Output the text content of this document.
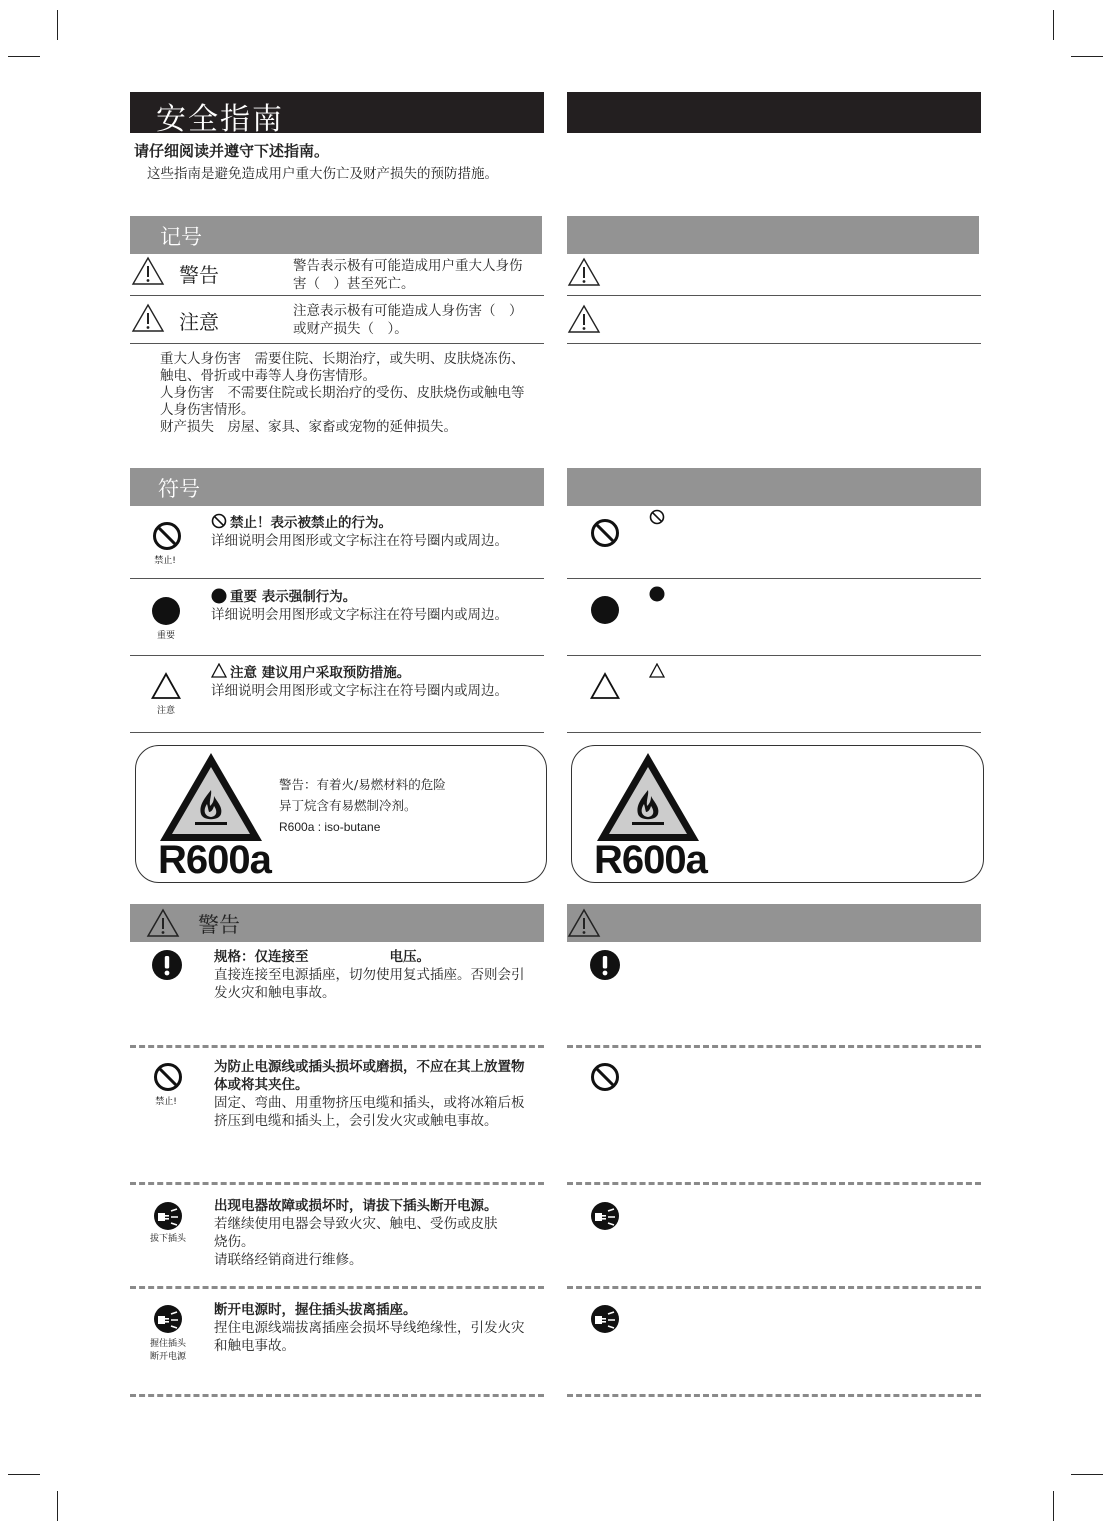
安全指南
请仔细阅读并遵守下述指南。
这些指南是避免造成用户重大伤亡及财产损失的预防措施。
记号
警告	警告表示极有可能造成用户重大人身伤
害（　）甚至死亡。
注意	注意表示极有可能造成人身伤害（　）
或财产损失（　）。
重大人身伤害　需要住院、长期治疗，或失明、皮肤烧冻伤、
触电、骨折或中毒等人身伤害情形。
人身伤害　不需要住院或长期治疗的受伤、皮肤烧伤或触电等
人身伤害情形。
财产损失　房屋、家具、家畜或宠物的延伸损失。
符号
禁止!
禁止！表示被禁止的行为。
详细说明会用图形或文字标注在符号圈内或周边。
重要
重要 表示强制行为。
详细说明会用图形或文字标注在符号圈内或周边。
注意
注意 建议用户采取预防措施。
详细说明会用图形或文字标注在符号圈内或周边。
R600a
警告：有着火/易燃材料的危险
异丁烷含有易燃制冷剂。
R600a : iso-butane
R600a
警告
规格：仅连接至　　　　　　电压。
直接连接至电源插座，切勿使用复式插座。否则会引
发火灾和触电事故。
禁止!
为防止电源线或插头损坏或磨损，不应在其上放置物
体或将其夹住。
固定、弯曲、用重物挤压电缆和插头，或将冰箱后板
挤压到电缆和插头上，会引发火灾或触电事故。
拔下插头
出现电器故障或损坏时，请拔下插头断开电源。
若继续使用电器会导致火灾、触电、受伤或皮肤
烧伤。
请联络经销商进行维修。
握住插头
断开电源
断开电源时，握住插头拔离插座。
捏住电源线端拔离插座会损坏导线绝缘性，引发火灾
和触电事故。
